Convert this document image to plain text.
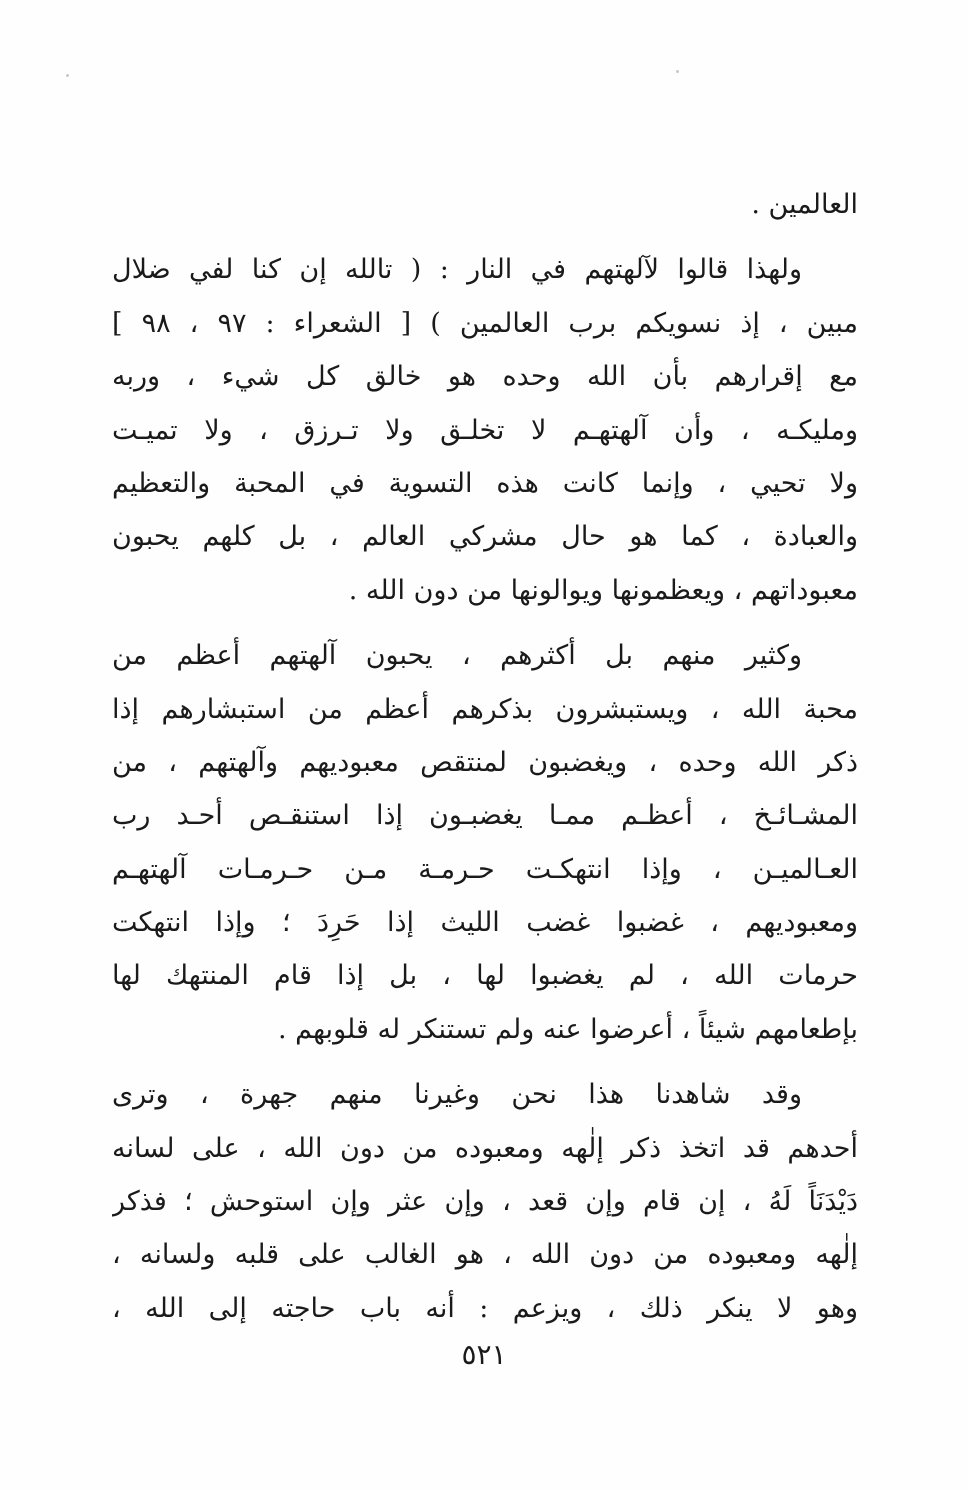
العالمين .
ولهذا قالوا لآلهتهم في النار : ( تالله إن كنا لفي ضلال
مبين ، إذ نسويكم برب العالمين ) [ الشعراء : ٩٧ ، ٩٨ ]
مع إقرارهم بأن الله وحده هو خالق كل شيء ، وربه
ومليكـه ، وأن آلهتهـم لا تخلـق ولا تـرزق ، ولا تميـت
ولا تحيي ، وإنما كانت هذه التسوية في المحبة والتعظيم
والعبادة ، كما هو حال مشركي العالم ، بل كلهم يحبون
معبوداتهم ، ويعظمونها ويوالونها من دون الله .
وكثير منهم بل أكثرهم ، يحبون آلهتهم أعظم من
محبة الله ، ويستبشرون بذكرهم أعظم من استبشارهم إذا
ذكر الله وحده ، ويغضبون لمنتقص معبوديهم وآلهتهم ، من
المشـائـخ ، أعظـم ممـا يغضبـون إذا استنقـص أحـد رب
العـالميـن ، وإذا انتهكـت حـرمـة مـن حـرمـات آلهتهـم
ومعبوديهم ، غضبوا غضب الليث إذا حَرِدَ ؛ وإذا انتهكت
حرمات الله ، لم يغضبوا لها ، بل إذا قام المنتهك لها
بإطعامهم شيئاً ، أعرضوا عنه ولم تستنكر له قلوبهم .
وقد شاهدنا هذا نحن وغيرنا منهم جهرة ، وترى
أحدهم قد اتخذ ذكر إلٰهه ومعبوده من دون الله ، على لسانه
دَيْدَنَاً لَهُ ، إن قام وإن قعد ، وإن عثر وإن استوحش ؛ فذكر
إلٰهه ومعبوده من دون الله ، هو الغالب على قلبه ولسانه ،
وهو لا ينكر ذلك ، ويزعم : أنه باب حاجته إلى الله ،
٥٢١
